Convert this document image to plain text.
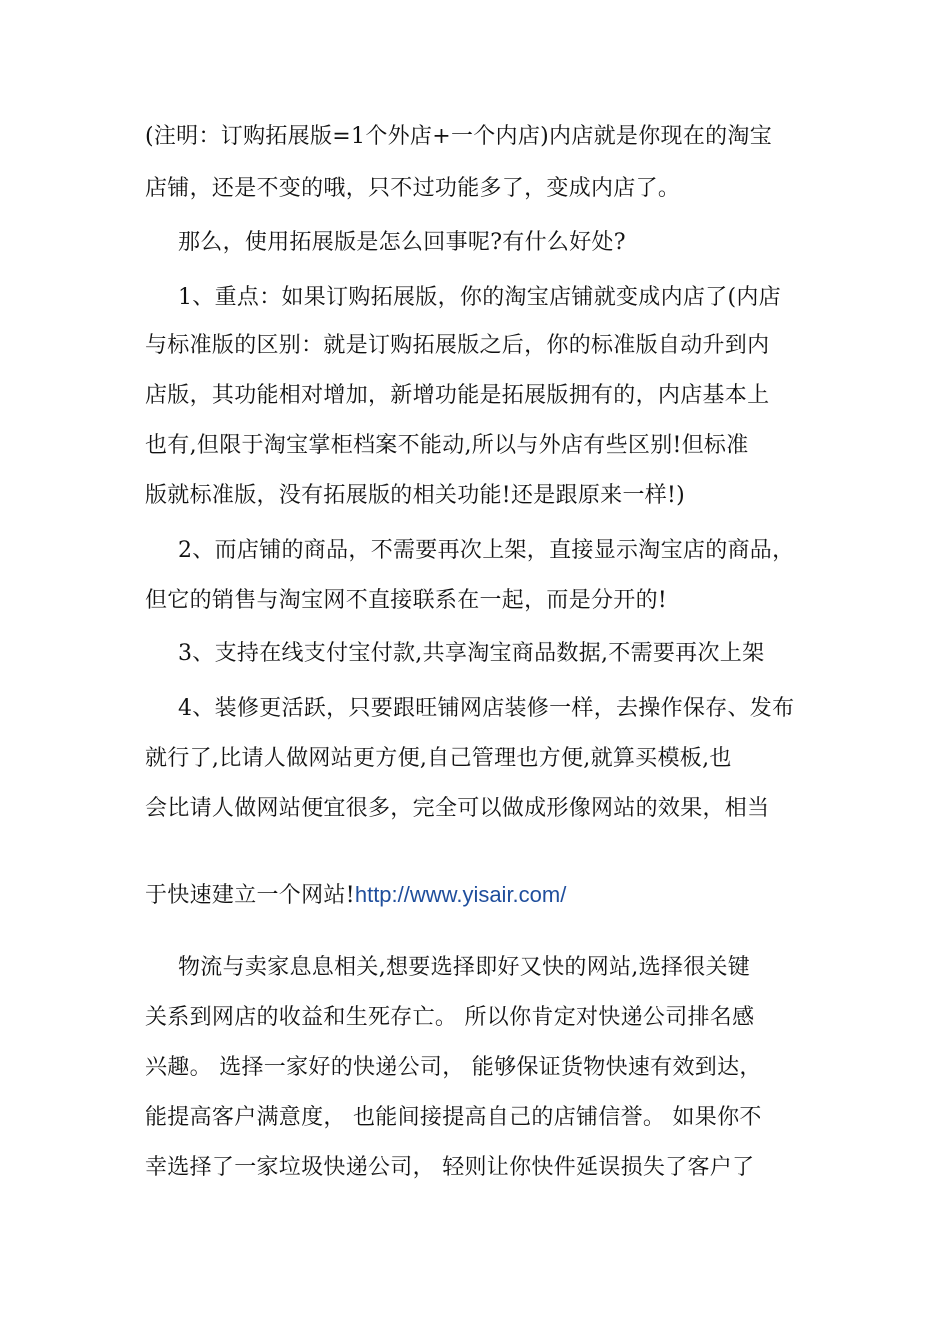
(注明：订购拓展版=1个外店+一个内店)内店就是你现在的淘宝
店铺，还是不变的哦，只不过功能多了，变成内店了。
那么，使用拓展版是怎么回事呢?有什么好处?
1、重点：如果订购拓展版，你的淘宝店铺就变成内店了(内店
与标准版的区别：就是订购拓展版之后，你的标准版自动升到内
店版，其功能相对增加，新增功能是拓展版拥有的，内店基本上
也有,但限于淘宝掌柜档案不能动,所以与外店有些区别!但标准
版就标准版，没有拓展版的相关功能!还是跟原来一样!)
2、而店铺的商品，不需要再次上架，直接显示淘宝店的商品，
但它的销售与淘宝网不直接联系在一起，而是分开的!
3、支持在线支付宝付款,共享淘宝商品数据,不需要再次上架
4、装修更活跃，只要跟旺铺网店装修一样，去操作保存、发布
就行了,比请人做网站更方便,自己管理也方便,就算买模板,也
会比请人做网站便宜很多，完全可以做成形像网站的效果，相当
于快速建立一个网站!http://www.yisair.com/
物流与卖家息息相关,想要选择即好又快的网站,选择很关键
关系到网店的收益和生死存亡。 所以你肯定对快递公司排名感
兴趣。 选择一家好的快递公司， 能够保证货物快速有效到达，
能提高客户满意度， 也能间接提高自己的店铺信誉。 如果你不
幸选择了一家垃圾快递公司， 轻则让你快件延误损失了客户了
